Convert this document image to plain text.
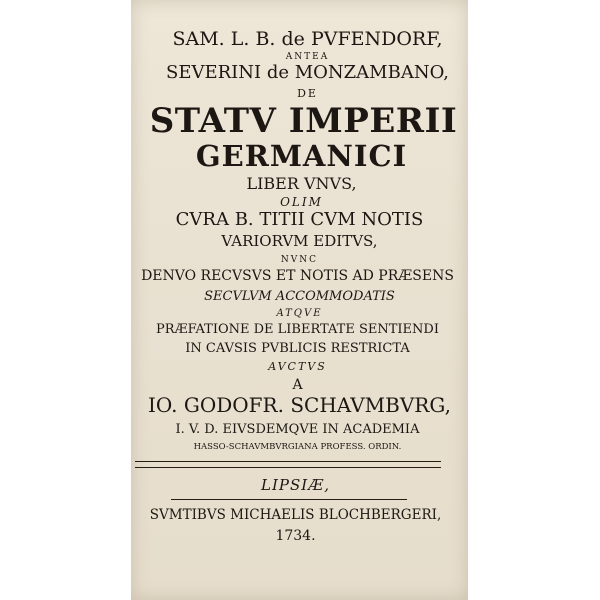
SAM. L. B. de PVFENDORF,
ANTEA
SEVERINI de MONZAMBANO,
DE
STATV IMPERII
GERMANICI
LIBER VNVS,
OLIM
CVRA B. TITII CVM NOTIS
VARIORVM EDITVS,
NVNC
DENVO RECVSVS ET NOTIS AD PRÆSENS
SECVLVM ACCOMMODATIS
ATQVE
PRÆFATIONE DE LIBERTATE SENTIENDI
IN CAVSIS PVBLICIS RESTRICTA
AVCTVS
A
IO. GODOFR. SCHAVMBVRG,
I. V. D. EIVSDEMQVE IN ACADEMIA
HASSO-SCHAVMBVRGIANA PROFESS. ORDIN.
LIPSIÆ,
SVMTIBVS MICHAELIS BLOCHBERGERI,
1734.
